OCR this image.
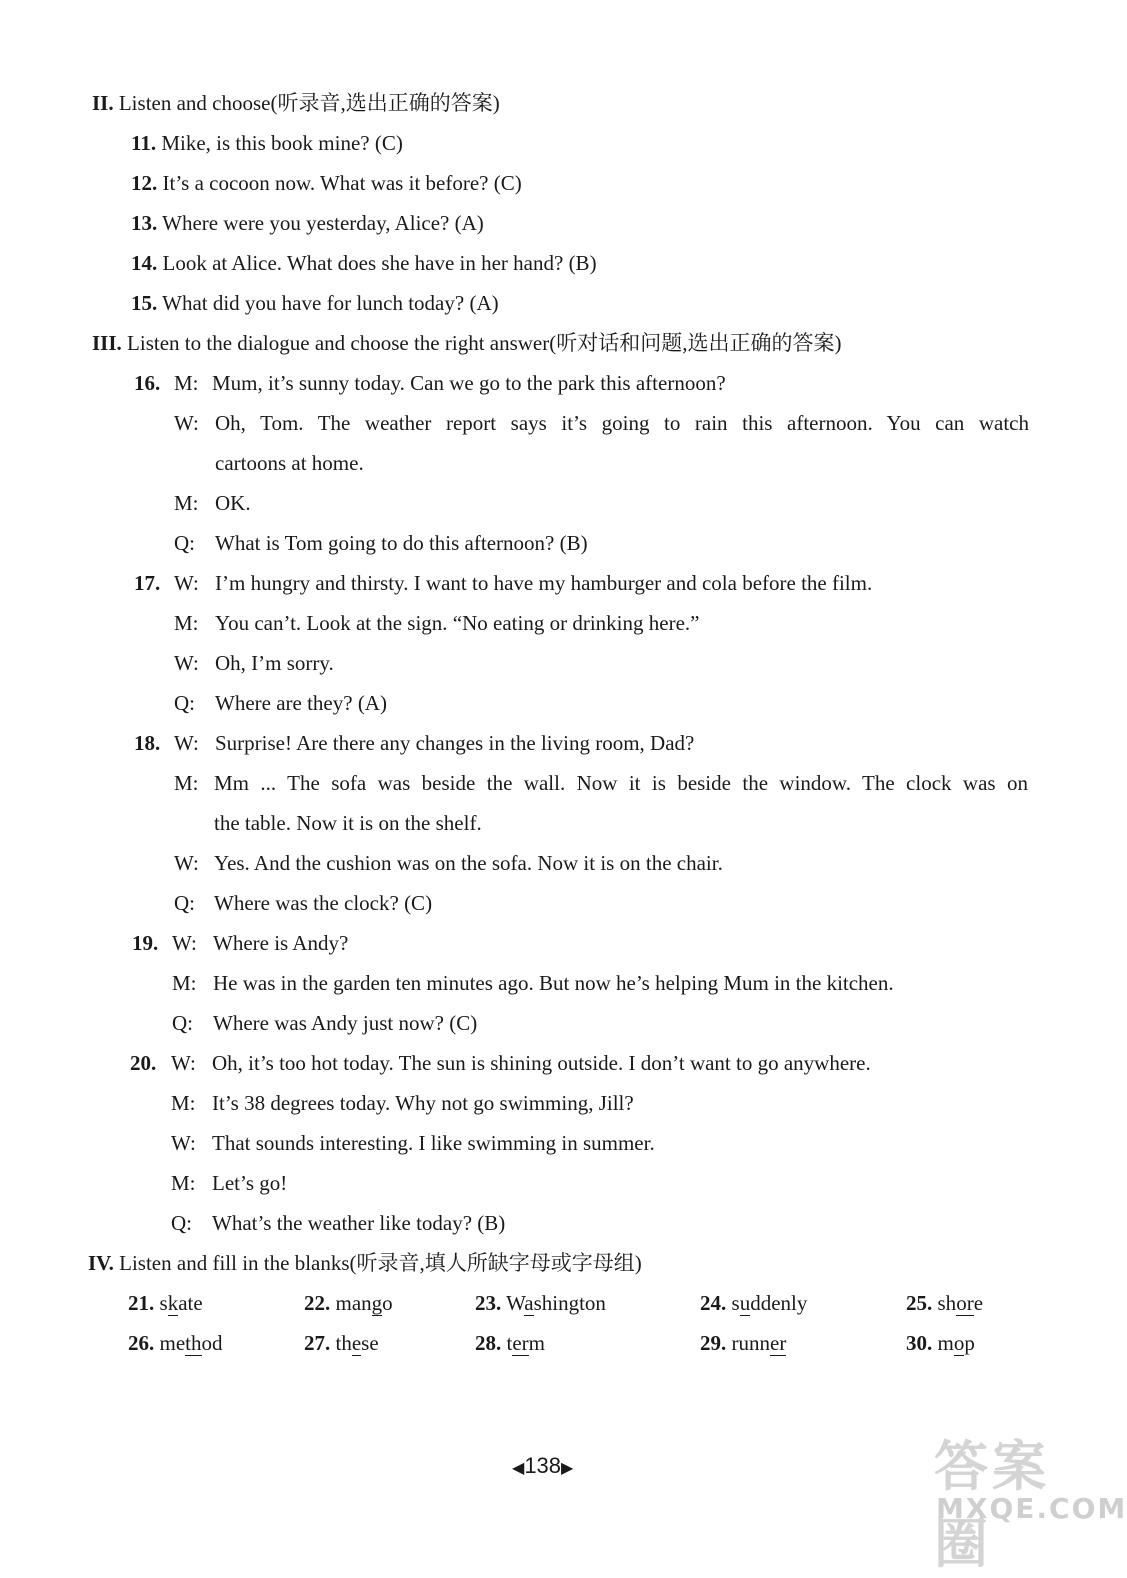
II. Listen and choose(听录音,选出正确的答案)
11. Mike, is this book mine? (C)
12. It’s a cocoon now. What was it before? (C)
13. Where were you yesterday, Alice? (A)
14. Look at Alice. What does she have in her hand? (B)
15. What did you have for lunch today? (A)
III. Listen to the dialogue and choose the right answer(听对话和问题,选出正确的答案)
16. M: Mum, it’s sunny today. Can we go to the park this afternoon?
W: Oh, Tom. The weather report says it’s going to rain this afternoon. You can watch
cartoons at home.
M: OK.
Q: What is Tom going to do this afternoon? (B)
17. W: I’m hungry and thirsty. I want to have my hamburger and cola before the film.
M: You can’t. Look at the sign. “No eating or drinking here.”
W: Oh, I’m sorry.
Q: Where are they? (A)
18. W: Surprise! Are there any changes in the living room, Dad?
M: Mm ... The sofa was beside the wall. Now it is beside the window. The clock was on
the table. Now it is on the shelf.
W: Yes. And the cushion was on the sofa. Now it is on the chair.
Q: Where was the clock? (C)
19. W: Where is Andy?
M: He was in the garden ten minutes ago. But now he’s helping Mum in the kitchen.
Q: Where was Andy just now? (C)
20. W: Oh, it’s too hot today. The sun is shining outside. I don’t want to go anywhere.
M: It’s 38 degrees today. Why not go swimming, Jill?
W: That sounds interesting. I like swimming in summer.
M: Let’s go!
Q: What’s the weather like today? (B)
IV. Listen and fill in the blanks(听录音,填人所缺字母或字母组)
21. skate	22. mango	23. Washington	24. suddenly	25. shore
26. method	27. these	28. term	29. runner	30. mop
◀138▶	答案圈
MXQE.COM
